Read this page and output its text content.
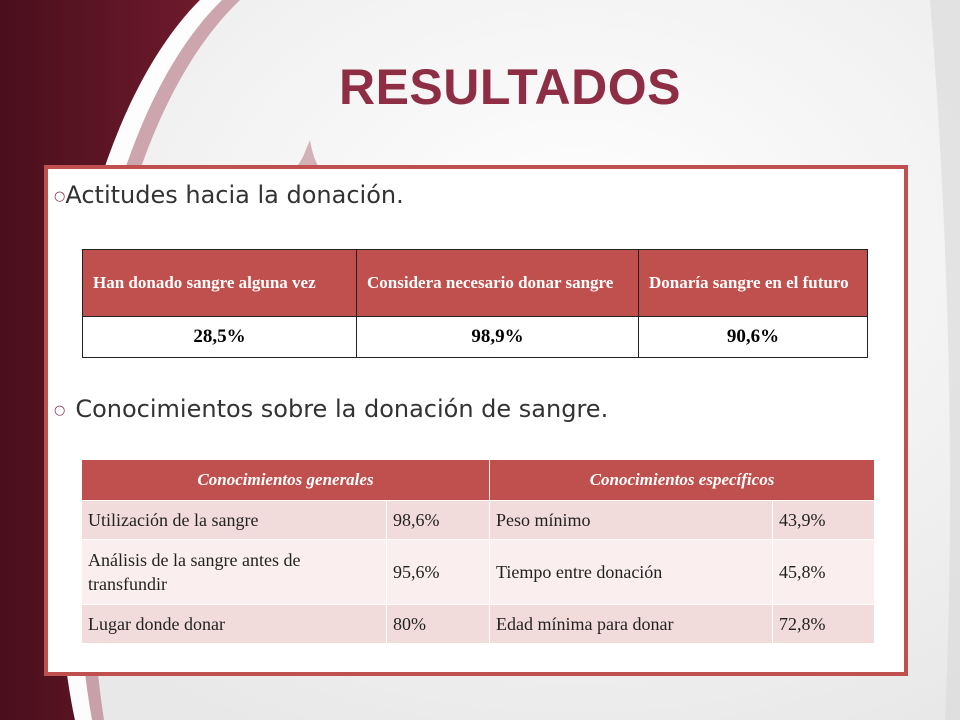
RESULTADOS
○Actitudes hacia la donación.
Han donado sangre alguna vez	Considera necesario donar sangre	Donaría sangre en el futuro
28,5%	98,9%	90,6%
○ Conocimientos sobre la donación de sangre.
Conocimientos generales		Conocimientos específicos	
Utilización de la sangre	98,6%	Peso mínimo	43,9%
Análisis de la sangre antes de transfundir	95,6%	Tiempo entre donación	45,8%
Lugar donde donar	80%	Edad mínima para donar	72,8%
